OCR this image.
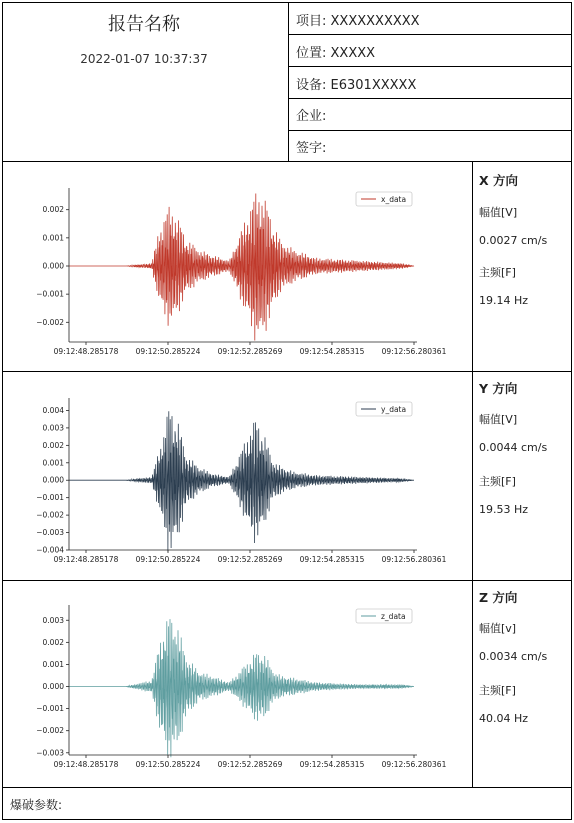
报告名称
2022-01-07 10:37:37
项目: XXXXXXXXXX
位置: XXXXX
设备: E6301XXXXX
企业:
签字:
0.002
0.001
0.000
−0.001
−0.002
09:12:48.285178 09:12:50.285224 09:12:52.285269 09:12:54.285315 09:12:56.280361
x_data
0.004
0.003
0.002
0.001
0.000
−0.001
−0.002
−0.003
−0.004
09:12:48.285178 09:12:50.285224 09:12:52.285269 09:12:54.285315 09:12:56.280361
y_data
0.003
0.002
0.001
0.000
−0.001
−0.002
−0.003
09:12:48.285178 09:12:50.285224 09:12:52.285269 09:12:54.285315 09:12:56.280361
z_data
X 方向
幅值[V]
0.0027 cm/s
主频[F]
19.14 Hz
Y 方向
幅值[V]
0.0044 cm/s
主频[F]
19.53 Hz
Z 方向
幅值[v]
0.0034 cm/s
主频[F]
40.04 Hz
爆破参数:
